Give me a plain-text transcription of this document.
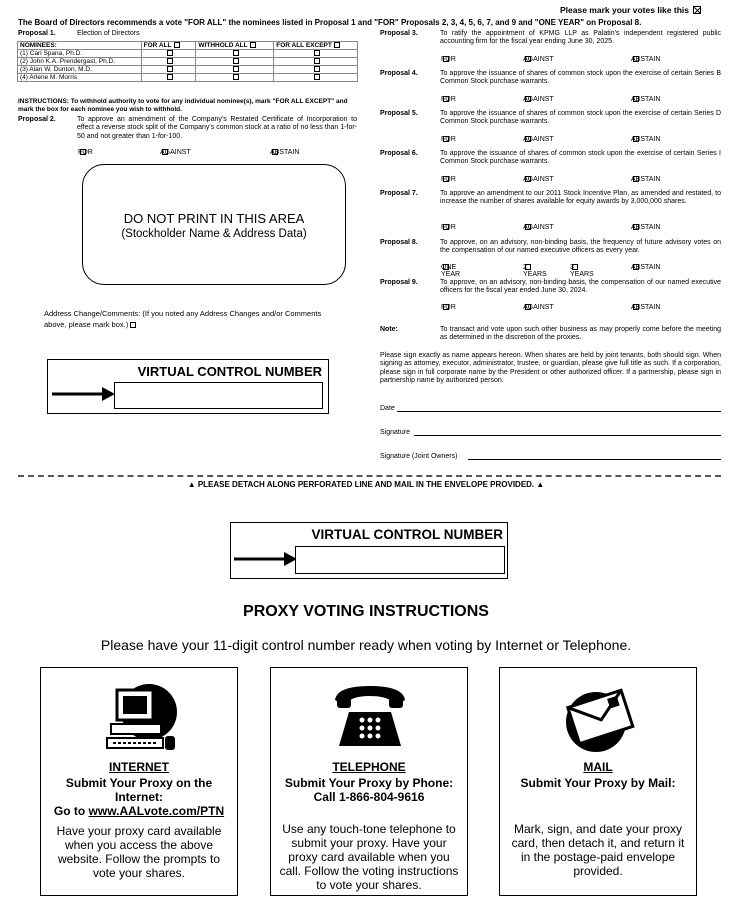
Please mark your votes like this
The Board of Directors recommends a vote "FOR ALL" the nominees listed in Proposal 1 and "FOR" Proposals 2, 3, 4, 5, 6, 7, and 9 and "ONE YEAR" on Proposal 8.
Proposal 1.	Election of Directors
NOMINEES:	FOR ALL	WITHHOLD ALL	FOR ALL EXCEPT
(1) Carl Spana, Ph.D.			
(2) John K.A. Prendergast, Ph.D.			
(3) Alan W. Dunton, M.D.			
(4) Arlene M. Morris			
INSTRUCTIONS: To withhold authority to vote for any individual nominee(s), mark "FOR ALL EXCEPT" and mark the box for each nominee you wish to withhold.
Proposal 2.	To approve an amendment of the Company's Restated Certificate of Incorporation to effect a reverse stock split of the Company's common stock at a ratio of no less than 1-for-50 and not greater than 1-for-100.
FOR	AGAINST	ABSTAIN
DO NOT PRINT IN THIS AREA
(Stockholder Name & Address Data)
Address Change/Comments: (If you noted any Address Changes and/or Comments above, please mark box.)
VIRTUAL CONTROL NUMBER
Proposal 3.	To ratify the appointment of KPMG LLP as Palatin's independent registered public accounting firm for the fiscal year ending June 30, 2025.
FOR	AGAINST	ABSTAIN
Proposal 4.	To approve the issuance of shares of common stock upon the exercise of certain Series B Common Stock purchase warrants.
FOR	AGAINST	ABSTAIN
Proposal 5.	To approve the issuance of shares of common stock upon the exercise of certain Series D Common Stock purchase warrants.
FOR	AGAINST	ABSTAIN
Proposal 6.	To approve the issuance of shares of common stock upon the exercise of certain Series I Common Stock purchase warrants.
FOR	AGAINST	ABSTAIN
Proposal 7.	To approve an amendment to our 2011 Stock Incentive Plan, as amended and restated, to increase the number of shares available for equity awards by 3,000,000 shares.
FOR	AGAINST	ABSTAIN
Proposal 8.	To approve, on an advisory, non-binding basis, the frequency of future advisory votes on the compensation of our named executive officers as every year.
ONE YEAR
2 YEARS
3 YEARS
ABSTAIN
Proposal 9.	To approve, on an advisory, non-binding basis, the compensation of our named executive officers for the fiscal year ended June 30, 2024.
FOR	AGAINST	ABSTAIN
Note:	To transact and vote upon such other business as may properly come before the meeting as determined in the discretion of the proxies.
Please sign exactly as name appears hereon. When shares are held by joint tenants, both should sign. When signing as attorney, executor, administrator, trustee, or guardian, please give full title as such. If a corporation, please sign in full corporate name by the President or other authorized officer. If a partnership, please sign in partnership name by authorized person.
Date
Signature
Signature (Joint Owners)
▲ PLEASE DETACH ALONG PERFORATED LINE AND MAIL IN THE ENVELOPE PROVIDED. ▲
VIRTUAL CONTROL NUMBER
PROXY VOTING INSTRUCTIONS
Please have your 11-digit control number ready when voting by Internet or Telephone.
INTERNET
Submit Your Proxy on the Internet:
Go to www.AALvote.com/PTN
Have your proxy card available when you access the above website. Follow the prompts to vote your shares.
TELEPHONE
Submit Your Proxy by Phone:
Call 1-866-804-9616
Use any touch-tone telephone to submit your proxy. Have your proxy card available when you call. Follow the voting instructions to vote your shares.
MAIL
Submit Your Proxy by Mail:
Mark, sign, and date your proxy card, then detach it, and return it in the postage-paid envelope provided.
